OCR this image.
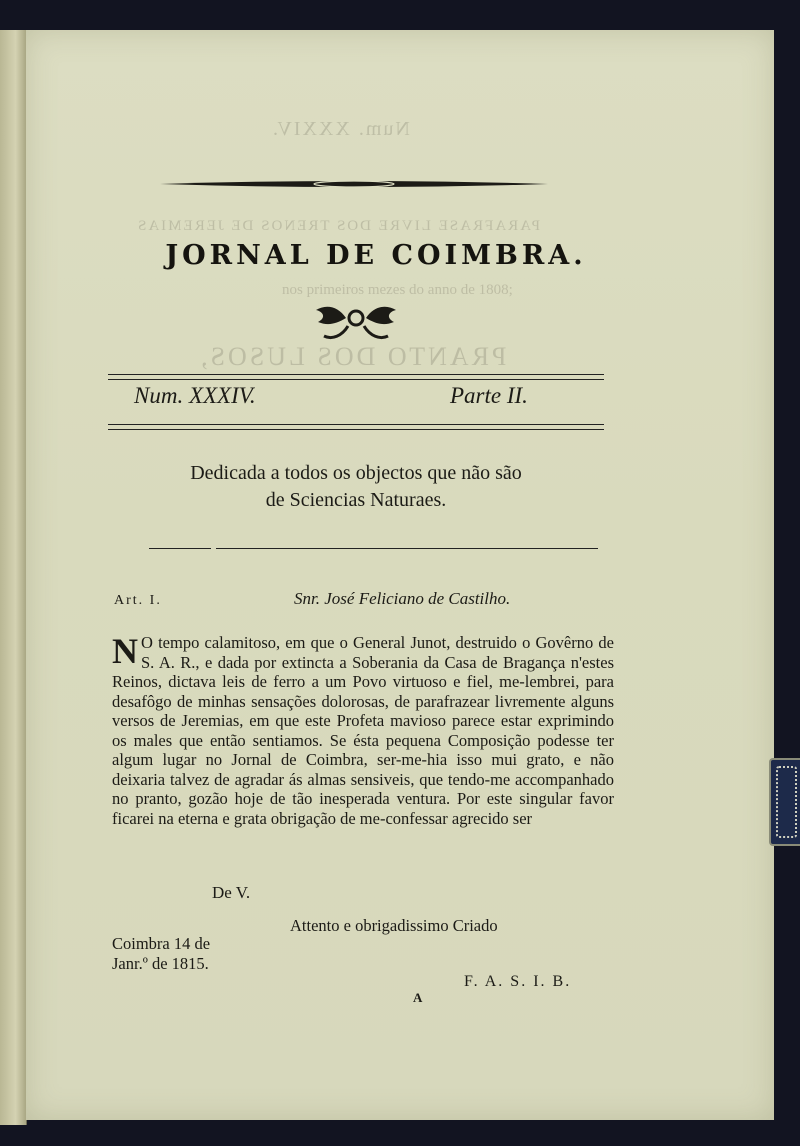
Num. XXXIV.
PARAFRASE LIVRE DOS TRENOS DE JEREMIAS
nos primeiros mezes do anno de 1808;
PRANTO DOS LUSOS,
JORNAL DE COIMBRA.
Num. XXXIV.	Parte II.
Dedicada a todos os objectos que não são
de Sciencias Naturaes.
Art. I.	Snr. José Feliciano de Castilho.
N O tempo calamitoso, em que o General Junot, destruido o Govêrno de S. A. R., e dada por extincta a Soberania da Casa de Bragança n'estes Reinos, dictava leis de ferro a um Povo virtuoso e fiel, me-lembrei, para desafôgo de minhas sensações dolorosas, de parafrazear livremente alguns versos de Jeremias, em que este Profeta mavioso parece estar exprimindo os males que então sentiamos. Se ésta pequena Composição podesse ter algum lugar no Jornal de Coimbra, ser-me-hia isso mui grato, e não deixaria talvez de agradar ás almas sensiveis, que tendo-me accompanhado no pranto, gozão hoje de tão inesperada ventura. Por este singular favor ficarei na eterna e grata obrigação de me-confessar agrecido ser
De V.
Attento e obrigadissimo Criado
Coimbra 14 de
Janr.º de 1815.
F. A. S. I. B.
A
